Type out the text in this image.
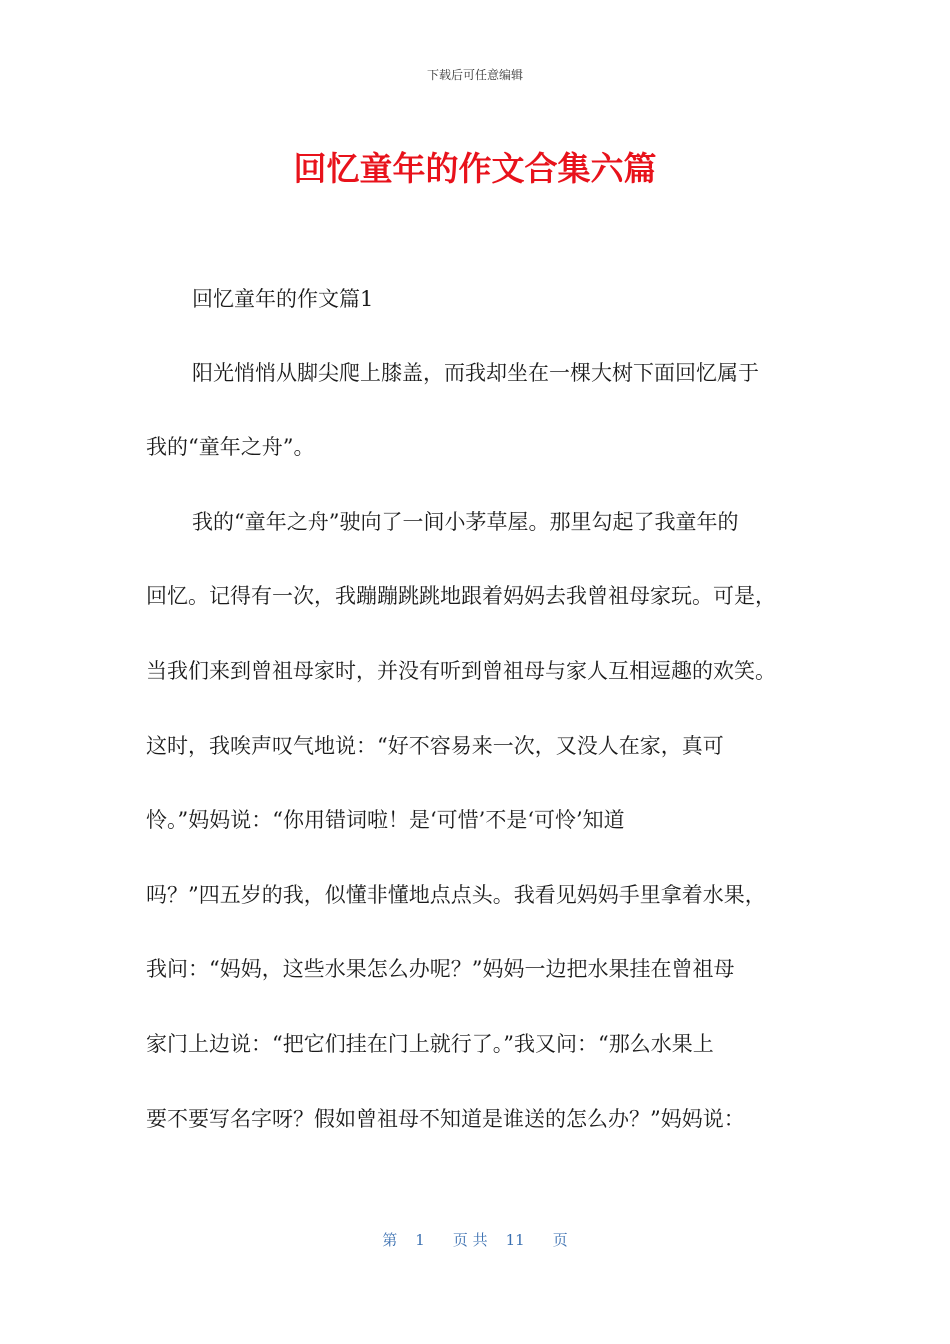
下载后可任意编辑
回忆童年的作文合集六篇
回忆童年的作文篇1
阳光悄悄从脚尖爬上膝盖，而我却坐在一棵大树下面回忆属于
我的“童年之舟”。
我的“童年之舟”驶向了一间小茅草屋。那里勾起了我童年的
回忆。记得有一次，我蹦蹦跳跳地跟着妈妈去我曾祖母家玩。可是，
当我们来到曾祖母家时，并没有听到曾祖母与家人互相逗趣的欢笑。
这时，我唉声叹气地说：“好不容易来一次，又没人在家，真可
怜。”妈妈说：“你用错词啦！是‘可惜’不是‘可怜’知道
吗？”四五岁的我，似懂非懂地点点头。我看见妈妈手里拿着水果，
我问：“妈妈，这些水果怎么办呢？”妈妈一边把水果挂在曾祖母
家门上边说：“把它们挂在门上就行了。”我又问：“那么水果上
要不要写名字呀？假如曾祖母不知道是谁送的怎么办？”妈妈说：
第 1 页 共 11 页
